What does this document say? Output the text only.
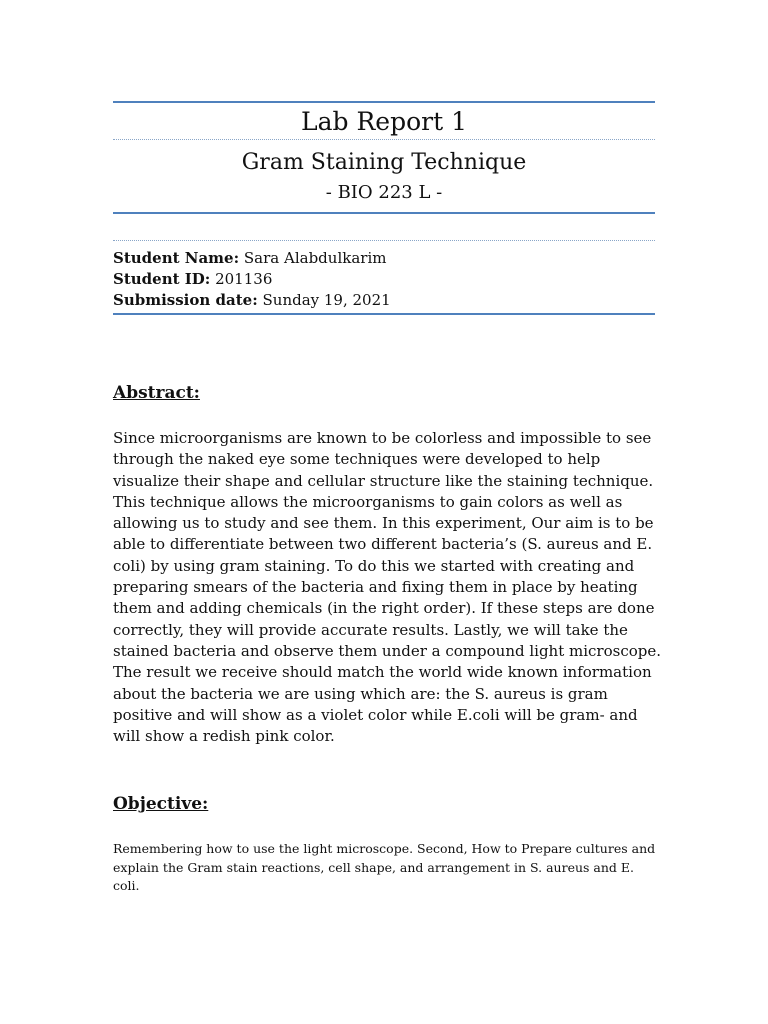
Lab Report 1
Gram Staining Technique
- BIO 223 L -
Student Name: Sara Alabdulkarim
Student ID: 201136
Submission date: Sunday 19, 2021
Abstract:
Since microorganisms are known to be colorless and impossible to see through the naked eye some techniques were developed to help visualize their shape and cellular structure like the staining technique. This technique allows the microorganisms to gain colors as well as allowing us to study and see them. In this experiment, Our aim is to be able to differentiate between two different bacteria’s (S. aureus and E. coli) by using gram staining. To do this we started with creating and preparing smears of the bacteria and fixing them in place by heating them and adding chemicals (in the right order). If these steps are done correctly, they will provide accurate results. Lastly, we will take the stained bacteria and observe them under a compound light microscope. The result we receive should match the world wide known information about the bacteria we are using which are: the S. aureus is gram positive and will show as a violet color while E.coli will be gram- and will show a redish pink color.
Objective:
Remembering how to use the light microscope. Second, How to Prepare cultures and explain the Gram stain reactions, cell shape, and arrangement in S. aureus and E. coli.
